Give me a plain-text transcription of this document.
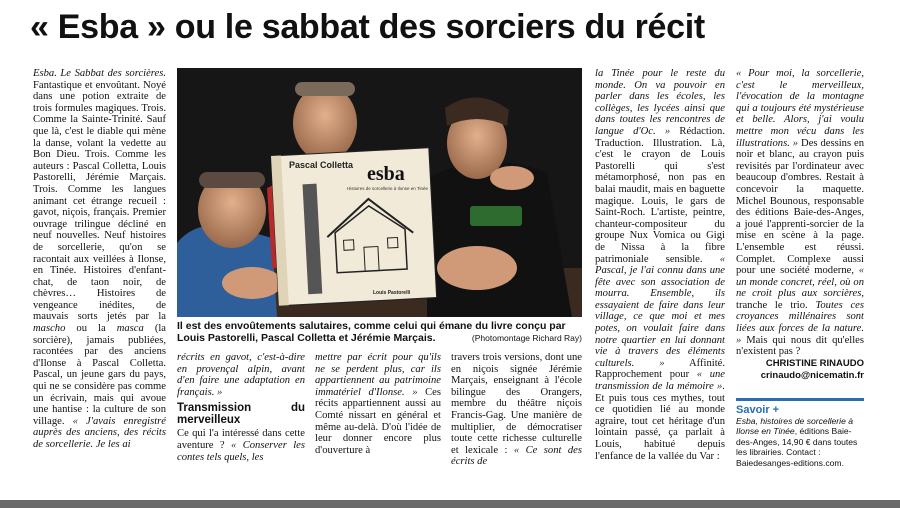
« Esba » ou le sabbat des sorciers du récit

Esba. Le Sabbat des sorcières. Fantastique et envoûtant. Noyé dans une potion extraite de trois formules magiques. Trois. Comme la Sainte-Trinité. Sauf que là, c'est le diable qui mène la danse, volant la vedette au Bon Dieu. Trois. Comme les auteurs : Pascal Colletta, Louis Pastorelli, Jérémie Marçais. Trois. Comme les langues animant cet étrange recueil : gavot, niçois, français. Premier ouvrage trilingue décliné en neuf nouvelles. Neuf histoires de sorcellerie, qu'on se racontait aux veillées à Ilonse, en Tinée. Histoires d'enfant-chat, de taon noir, de chèvres… Histoires de vengeance inédites, de mauvais sorts jetés par la mascho ou la masca (la sorcière), jamais publiées, racontées par des anciens d'Ilonse à Pascal Colletta. Pascal, un jeune gars du pays, qui ne se considère pas comme un écrivain, mais qui avoue une hantise : la culture de son village. « J'avais enregistré auprès des anciens, des récits de sorcellerie. Je les ai

Pascal Colletta esba
Histoires de sorcellerie à Ilonse en Tinée
Louis Pastorelli
Il est des envoûtements salutaires, comme celui qui émane du livre conçu par Louis Pastorelli, Pascal Colletta et Jérémie Marçais.	(Photomontage Richard Ray)

récrits en gavot, c'est-à-dire en provençal alpin, avant d'en faire une adaptation en français. »

Transmission du merveilleux

Ce qui l'a intéressé dans cette aventure ? « Conserver les contes tels quels, les

mettre par écrit pour qu'ils ne se perdent plus, car ils appartiennent au patrimoine immatériel d'Ilonse. » Ces récits appartiennent aussi au Comté nissart en général et même au-delà. D'où l'idée de leur donner encore plus d'ouverture à

travers trois versions, dont une en niçois signée Jérémie Marçais, enseignant à l'école bilingue des Orangers, membre du théâtre niçois Francis-Gag. Une manière de multiplier, de démocratiser toute cette richesse culturelle et lexicale : « Ce sont des écrits de

la Tinée pour le reste du monde. On va pouvoir en parler dans les écoles, les collèges, les lycées ainsi que dans toutes les rencontres de langue d'Oc. » Rédaction. Traduction. Illustration. Là, c'est le crayon de Louis Pastorelli qui s'est métamorphosé, non pas en balai maudit, mais en baguette magique. Louis, le gars de Saint-Roch. L'artiste, peintre, chanteur-compositeur du groupe Nux Vomica ou Gigi de Nissa à la fibre patrimoniale sensible. « Pascal, je l'ai connu dans une fête avec son association de mourra. Ensemble, ils essayaient de faire dans leur village, ce que moi et mes potes, on voulait faire dans notre quartier en lui donnant vie à travers des éléments culturels. » Affinité. Rapprochement pour « une transmission de la mémoire ». Et puis tous ces mythes, tout ce quotidien lié au monde agraire, tout cet héritage d'un lointain passé, ça parlait à Louis, habitué depuis l'enfance de la vallée du Var :

« Pour moi, la sorcellerie, c'est le merveilleux, l'évocation de la montagne qui a toujours été mystérieuse et belle. Alors, j'ai voulu mettre mon vécu dans les illustrations. » Des dessins en noir et blanc, au crayon puis revisités par l'ordinateur avec beaucoup d'ombres. Restait à concevoir la maquette. Michel Bounous, responsable des éditions Baie-des-Anges, a joué l'apprenti-sorcier de la mise en scène à la page. L'ensemble est réussi. Complet. Complexe aussi pour une société moderne, « un monde concret, réel, où on ne croit plus aux sorcières, tranche le trio. Toutes ces croyances millénaires sont liées aux forces de la nature. » Mais qui nous dit qu'elles n'existent pas ?

CHRISTINE RINAUDO
crinaudo@nicematin.fr
Savoir +
Esba, histoires de sorcellerie à Ilonse en Tinée, éditions Baie-des-Anges, 14,90 € dans toutes les librairies. Contact : Baiedesanges-editions.com.
